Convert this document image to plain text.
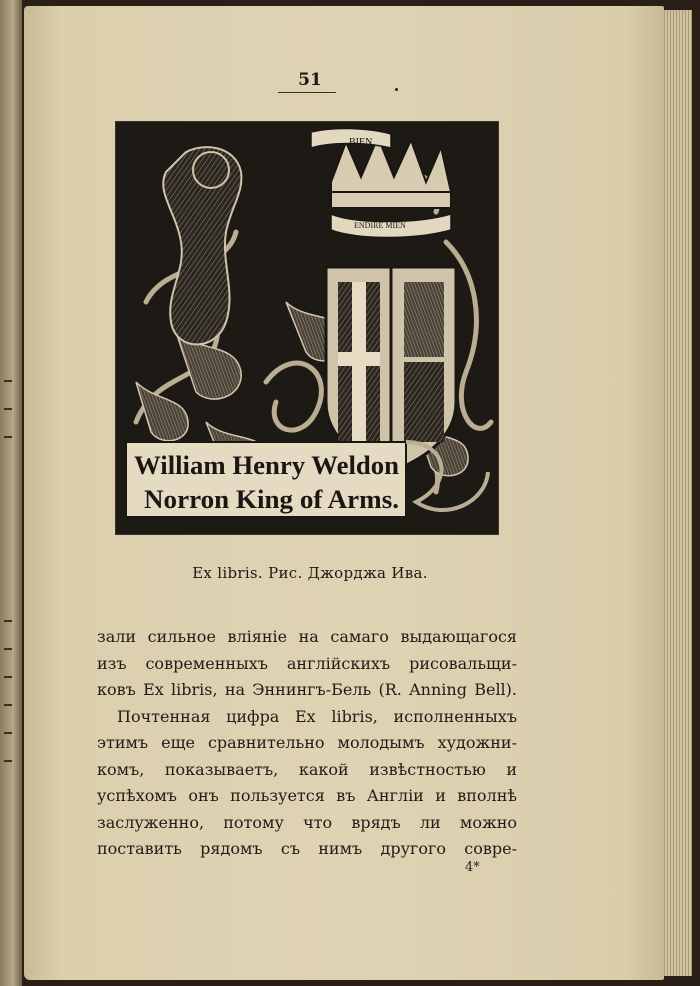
51
BIEN
ENDIRE MIEN
William Henry Weldon
Norron King of Arms.
Ex libris. Рис. Джорджа Ива.
зали сильное вліяніе на самаго выдающагося
изъ современныхъ англійскихъ рисовальщи-
ковъ Ex libris, на Эннингъ-Бель (R. Anning Bell).
Почтенная цифра Ex libris, исполненныхъ
этимъ еще сравнительно молодымъ художни-
комъ, показываетъ, какой извѣстностью и
успѣхомъ онъ пользуется въ Англіи и вполнѣ
заслуженно, потому что врядъ ли можно
поставить рядомъ съ нимъ другого совре-
4*
